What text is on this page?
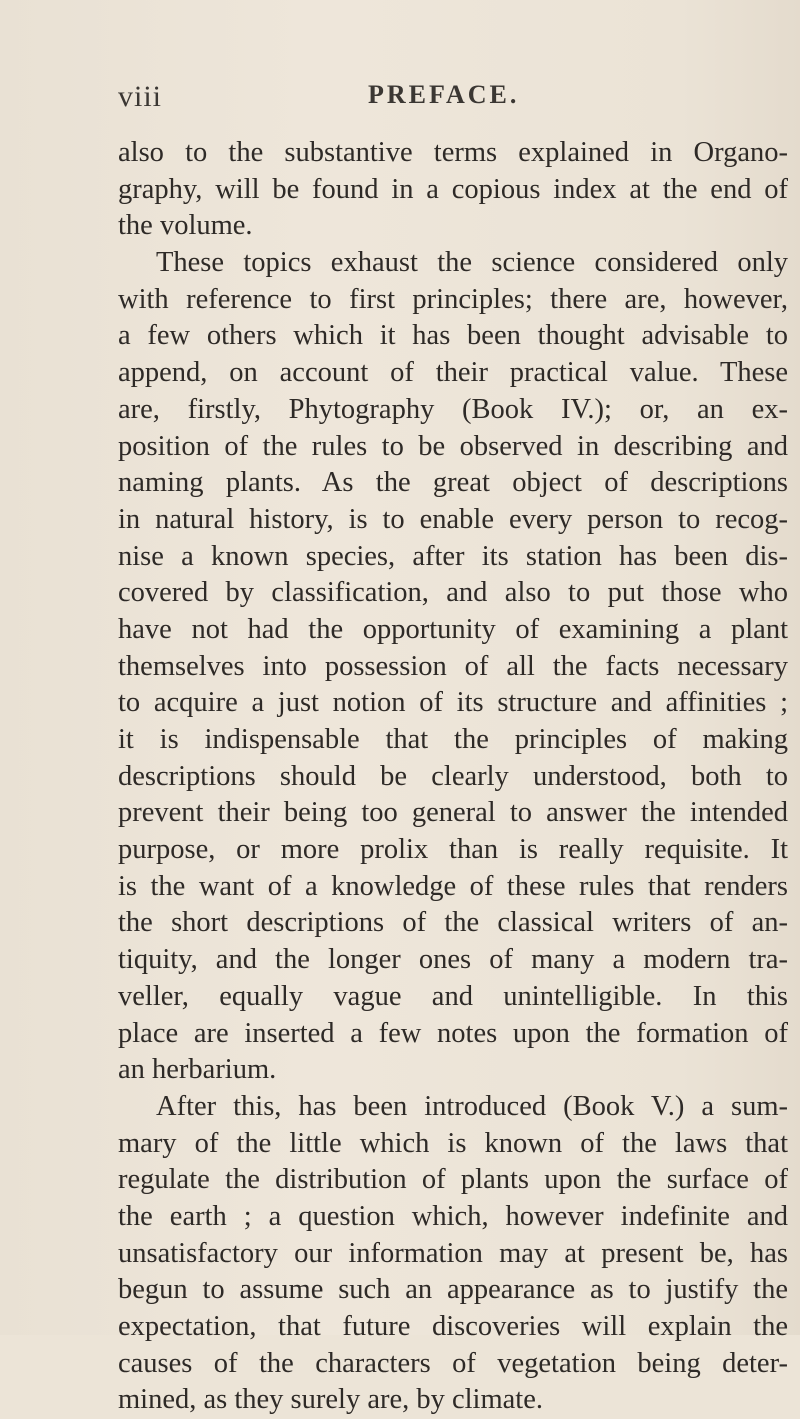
viii	PREFACE.
also to the substantive terms explained in Organo-
graphy, will be found in a copious index at the end of
the volume.
These topics exhaust the science considered only
with reference to first principles; there are, however,
a few others which it has been thought advisable to
append, on account of their practical value. These
are, firstly, Phytography (Book IV.); or, an ex-
position of the rules to be observed in describing and
naming plants. As the great object of descriptions
in natural history, is to enable every person to recog-
nise a known species, after its station has been dis-
covered by classification, and also to put those who
have not had the opportunity of examining a plant
themselves into possession of all the facts necessary
to acquire a just notion of its structure and affinities ;
it is indispensable that the principles of making
descriptions should be clearly understood, both to
prevent their being too general to answer the intended
purpose, or more prolix than is really requisite. It
is the want of a knowledge of these rules that renders
the short descriptions of the classical writers of an-
tiquity, and the longer ones of many a modern tra-
veller, equally vague and unintelligible. In this
place are inserted a few notes upon the formation of
an herbarium.
After this, has been introduced (Book V.) a sum-
mary of the little which is known of the laws that
regulate the distribution of plants upon the surface of
the earth ; a question which, however indefinite and
unsatisfactory our information may at present be, has
begun to assume such an appearance as to justify the
expectation, that future discoveries will explain the
causes of the characters of vegetation being deter-
mined, as they surely are, by climate.
